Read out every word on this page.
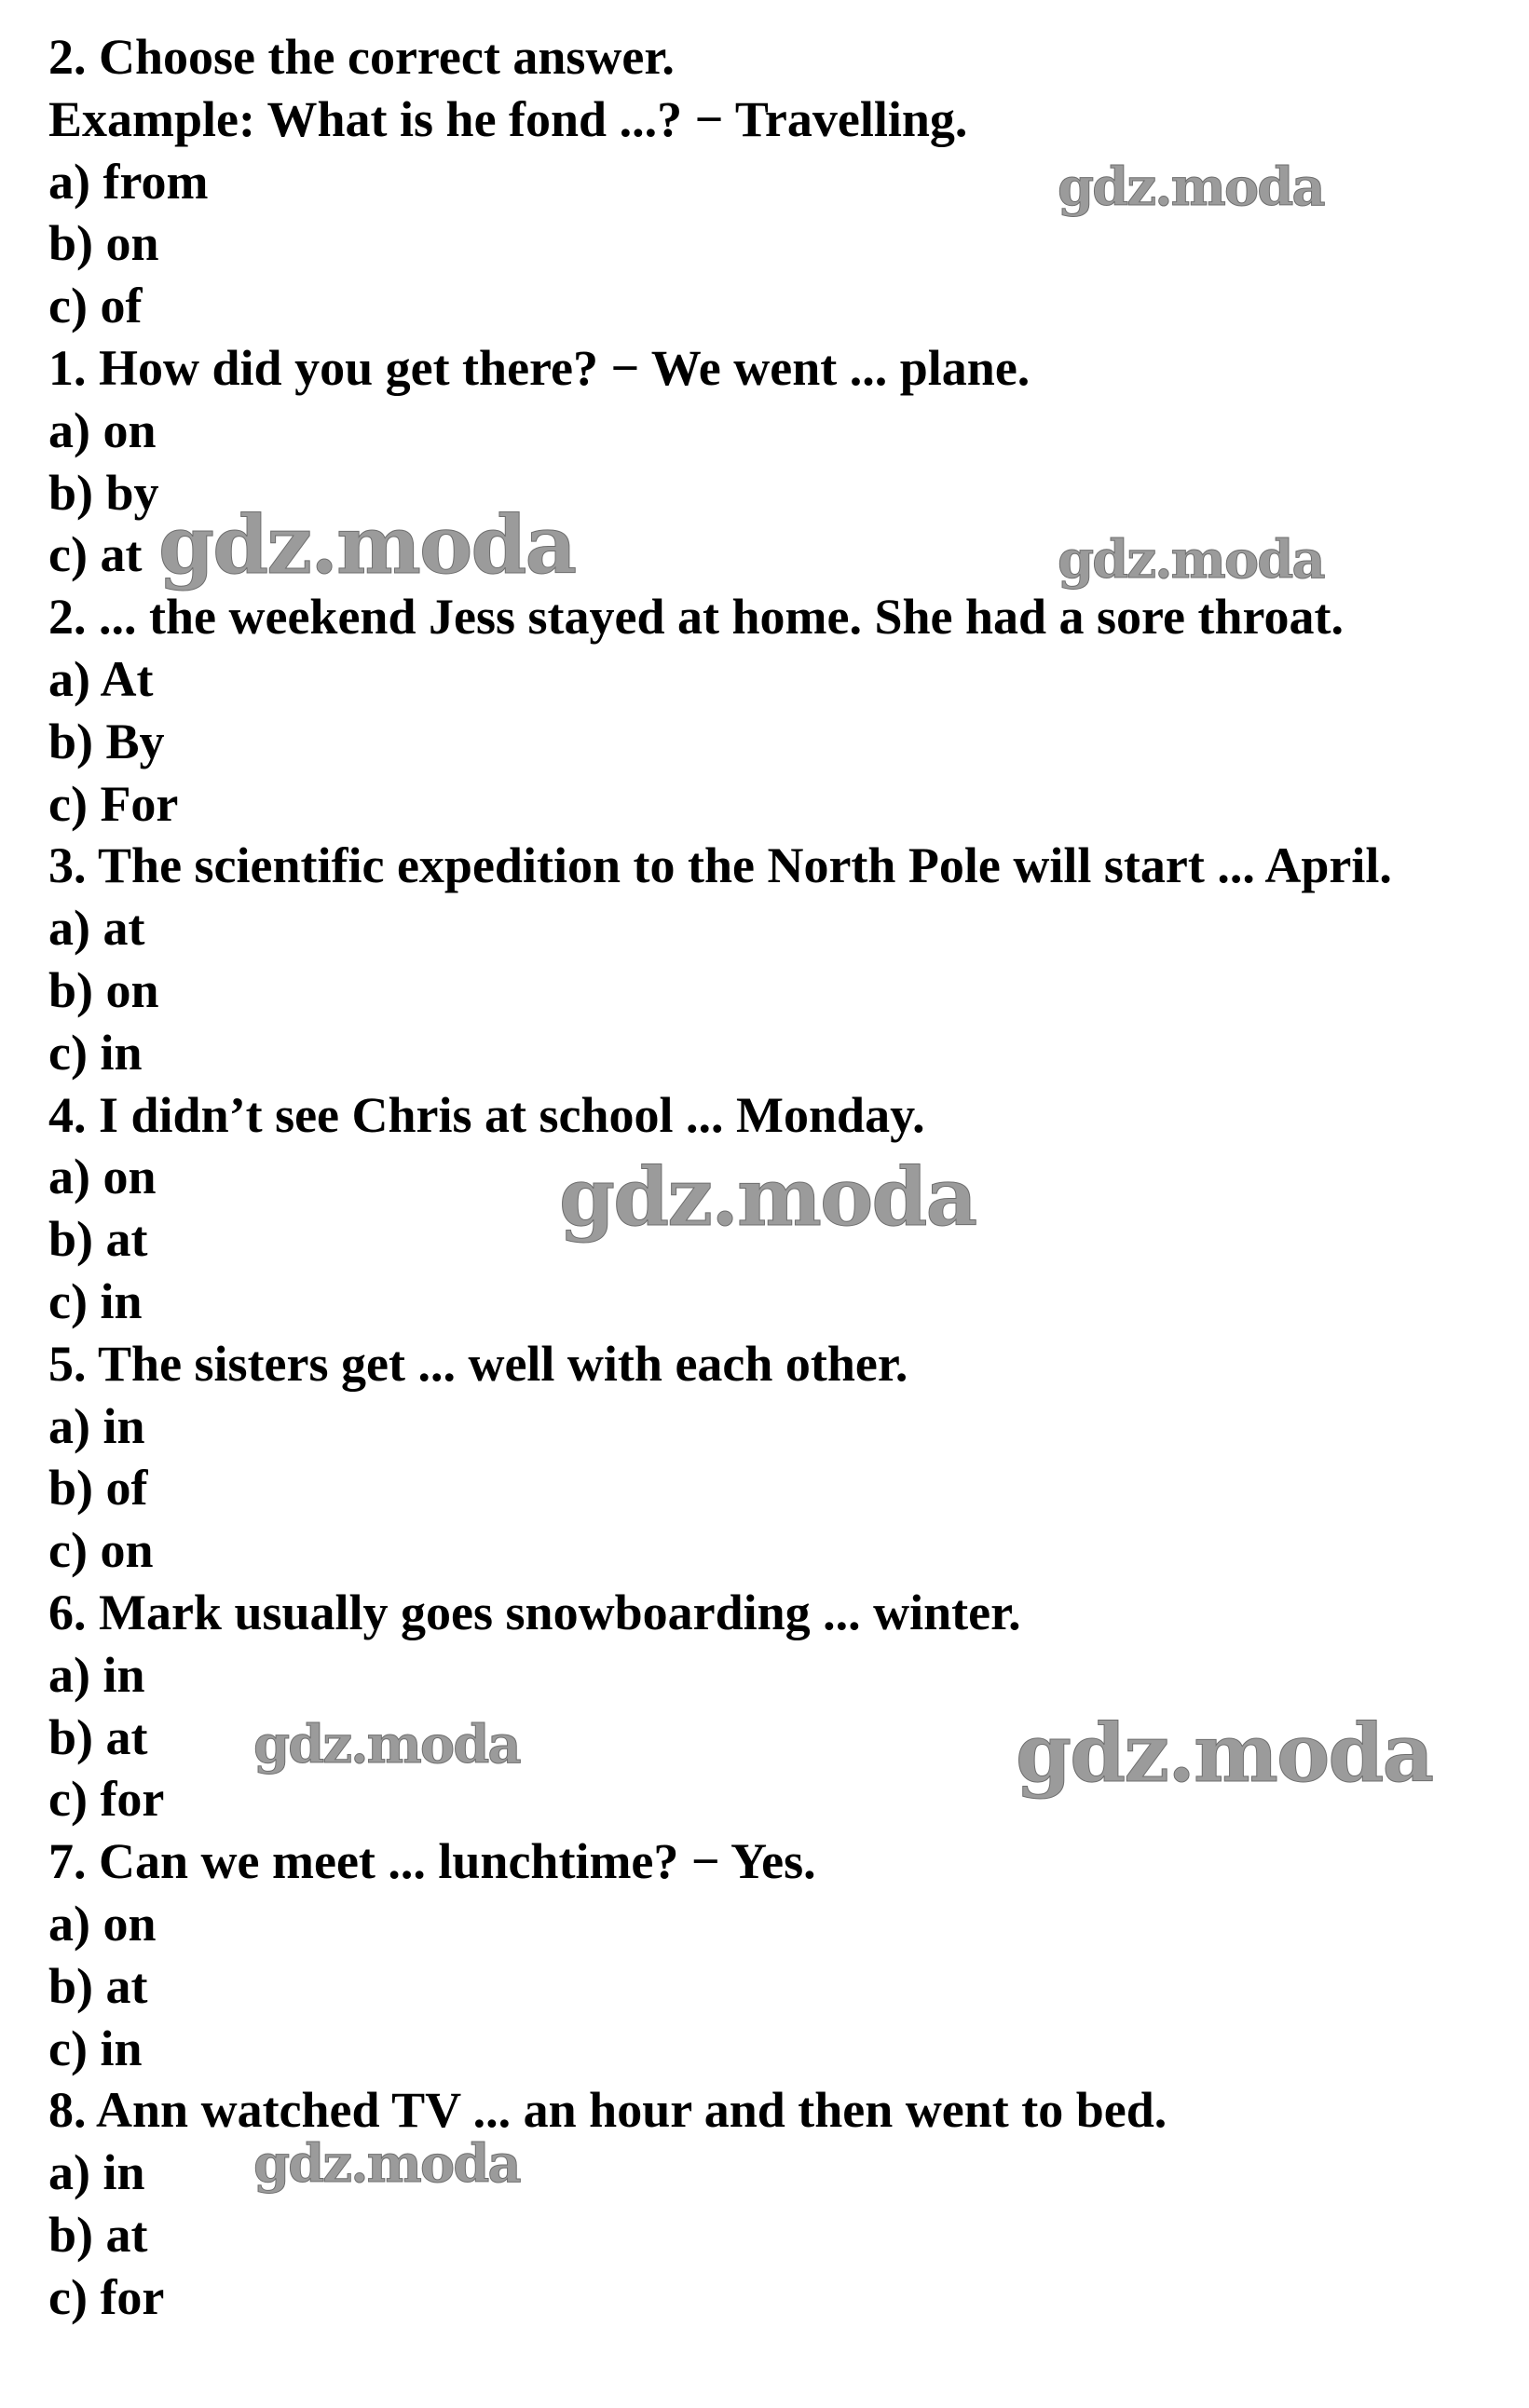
2. Choose the correct answer.
Example: What is he fond ...? − Travelling.
a) from
b) on
c) of
1. How did you get there? − We went ... plane.
a) on
b) by
c) at
2. ... the weekend Jess stayed at home. She had a sore throat.
a) At
b) By
c) For
3. The scientific expedition to the North Pole will start ... April.
a) at
b) on
c) in
4. I didn’t see Chris at school ... Monday.
a) on
b) at
c) in
5. The sisters get ... well with each other.
a) in
b) of
c) on
6. Mark usually goes snowboarding ... winter.
a) in
b) at
c) for
7. Can we meet ... lunchtime? − Yes.
a) on
b) at
c) in
8. Ann watched TV ... an hour and then went to bed.
a) in
b) at
c) for
gdz.moda
gdz.moda	gdz.moda
gdz.moda
gdz.moda	gdz.moda
gdz.moda
